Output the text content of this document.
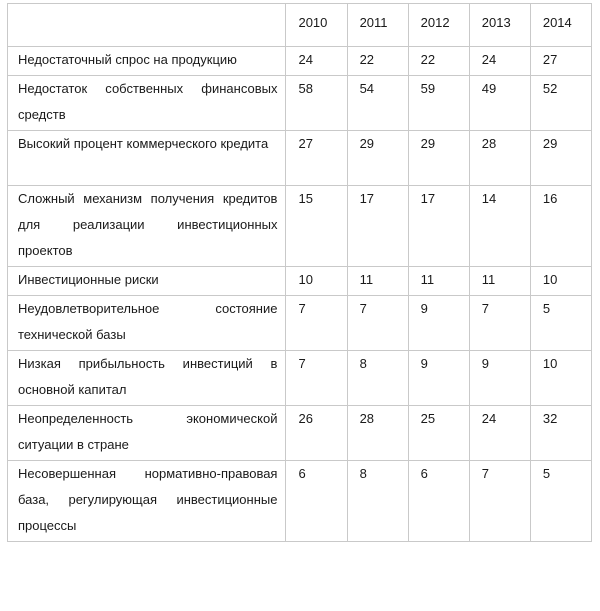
	2010	2011	2012	2013	2014
Недостаточный спрос на продукцию	24	22	22	24	27
Недостаток собственных финансовых средств	58	54	59	49	52
Высокий процент коммерческого кредита	27	29	29	28	29
Сложный механизм получения кредитов для реализации инвестиционных проектов	15	17	17	14	16
Инвестиционные риски	10	11	11	11	10
Неудовлетворительное состояние технической базы	7	7	9	7	5
Низкая прибыльность инвестиций в основной капитал	7	8	9	9	10
Неопределенность экономической ситуации в стране	26	28	25	24	32
Несовершенная нормативно-правовая база, регулирующая инвестиционные процессы	6	8	6	7	5
